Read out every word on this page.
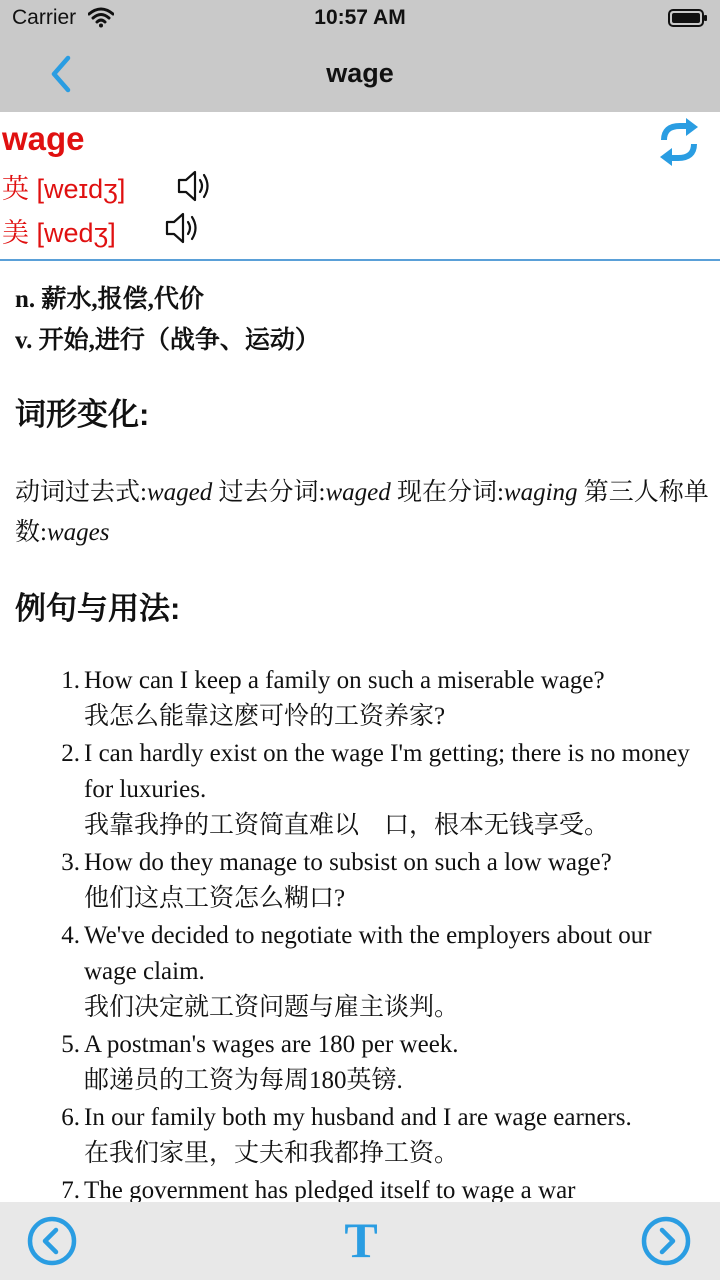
Carrier	10:57 AM
wage
wage
英 [weɪdʒ]
美 [wedʒ]
n. 薪水,报偿,代价
v. 开始,进行（战争、运动）
词形变化:
动词过去式:waged 过去分词:waged 现在分词:waging 第三人称单数:wages
例句与用法:
1. How can I keep a family on such a miserable wage?
我怎么能靠这麽可怜的工资养家?
2. I can hardly exist on the wage I'm getting; there is no money for luxuries.
我靠我挣的工资简直难以　口，根本无钱享受。
3. How do they manage to subsist on such a low wage?
他们这点工资怎么糊口?
4. We've decided to negotiate with the employers about our wage claim.
我们决定就工资问题与雇主谈判。
5. A postman's wages are 180 per week.
邮递员的工资为每周180英镑.
6. In our family both my husband and I are wage earners.
在我们家里，丈夫和我都挣工资。
7. The government has pledged itself to wage a war
T
